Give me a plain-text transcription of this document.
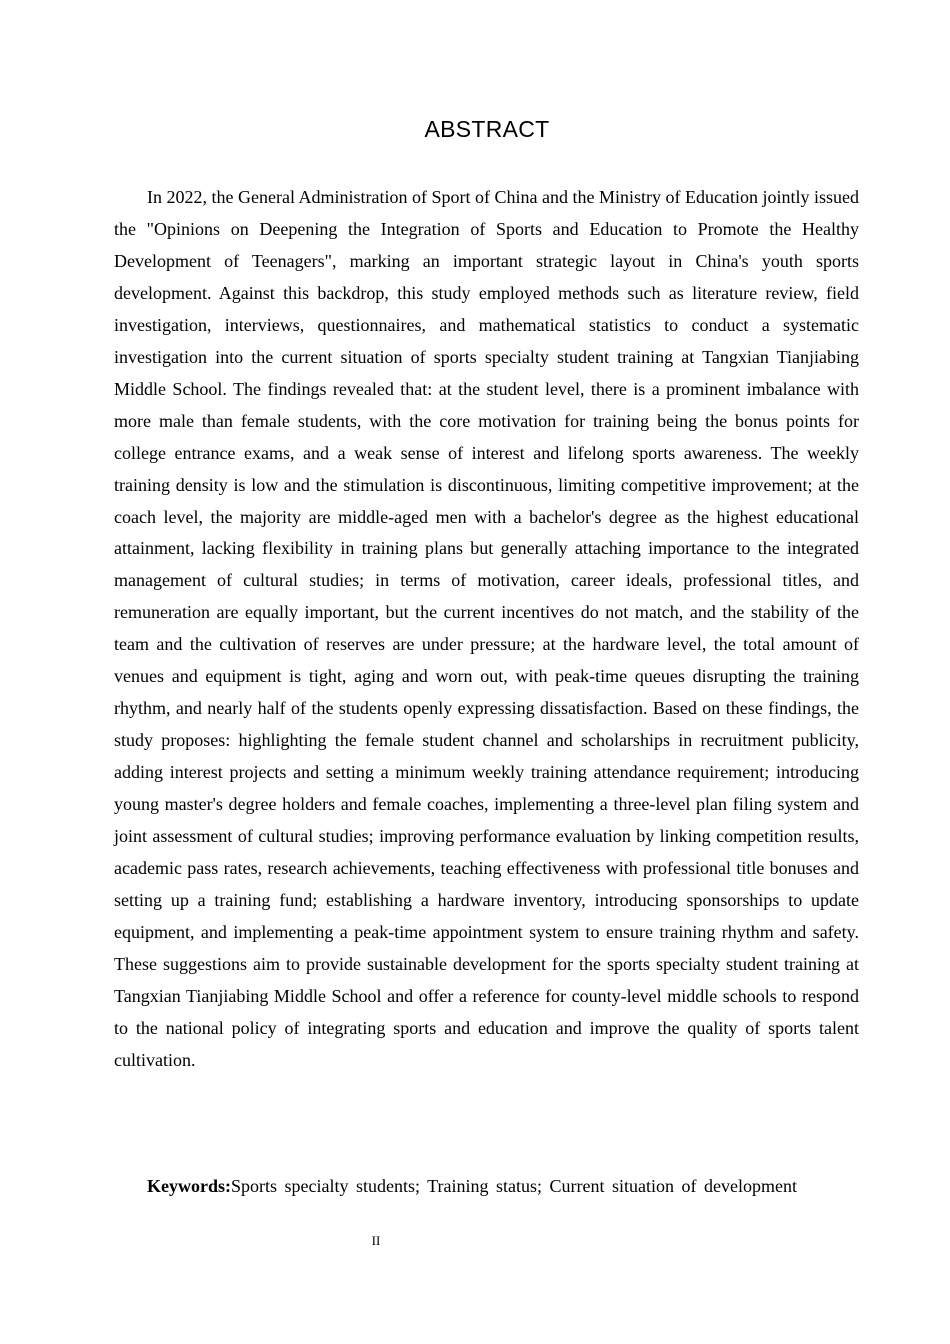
ABSTRACT

In 2022, the General Administration of Sport of China and the Ministry of Education jointly issued the "Opinions on Deepening the Integration of Sports and Education to Promote the Healthy Development of Teenagers", marking an important strategic layout in China's youth sports development. Against this backdrop, this study employed methods such as literature review, field investigation, interviews, questionnaires, and mathematical statistics to conduct a systematic investigation into the current situation of sports specialty student training at Tangxian Tianjiabing Middle School. The findings revealed that: at the student level, there is a prominent imbalance with more male than female students, with the core motivation for training being the bonus points for college entrance exams, and a weak sense of interest and lifelong sports awareness. The weekly training density is low and the stimulation is discontinuous, limiting competitive improvement; at the coach level, the majority are middle-aged men with a bachelor's degree as the highest educational attainment, lacking flexibility in training plans but generally attaching importance to the integrated management of cultural studies; in terms of motivation, career ideals, professional titles, and remuneration are equally important, but the current incentives do not match, and the stability of the team and the cultivation of reserves are under pressure; at the hardware level, the total amount of venues and equipment is tight, aging and worn out, with peak-time queues disrupting the training rhythm, and nearly half of the students openly expressing dissatisfaction. Based on these findings, the study proposes: highlighting the female student channel and scholarships in recruitment publicity, adding interest projects and setting a minimum weekly training attendance requirement; introducing young master's degree holders and female coaches, implementing a three-level plan filing system and joint assessment of cultural studies; improving performance evaluation by linking competition results, academic pass rates, research achievements, teaching effectiveness with professional title bonuses and setting up a training fund; establishing a hardware inventory, introducing sponsorships to update equipment, and implementing a peak-time appointment system to ensure training rhythm and safety. These suggestions aim to provide sustainable development for the sports specialty student training at Tangxian Tianjiabing Middle School and offer a reference for county-level middle schools to respond to the national policy of integrating sports and education and improve the quality of sports talent cultivation.

Keywords:Sports specialty students; Training status; Current situation of development

II
